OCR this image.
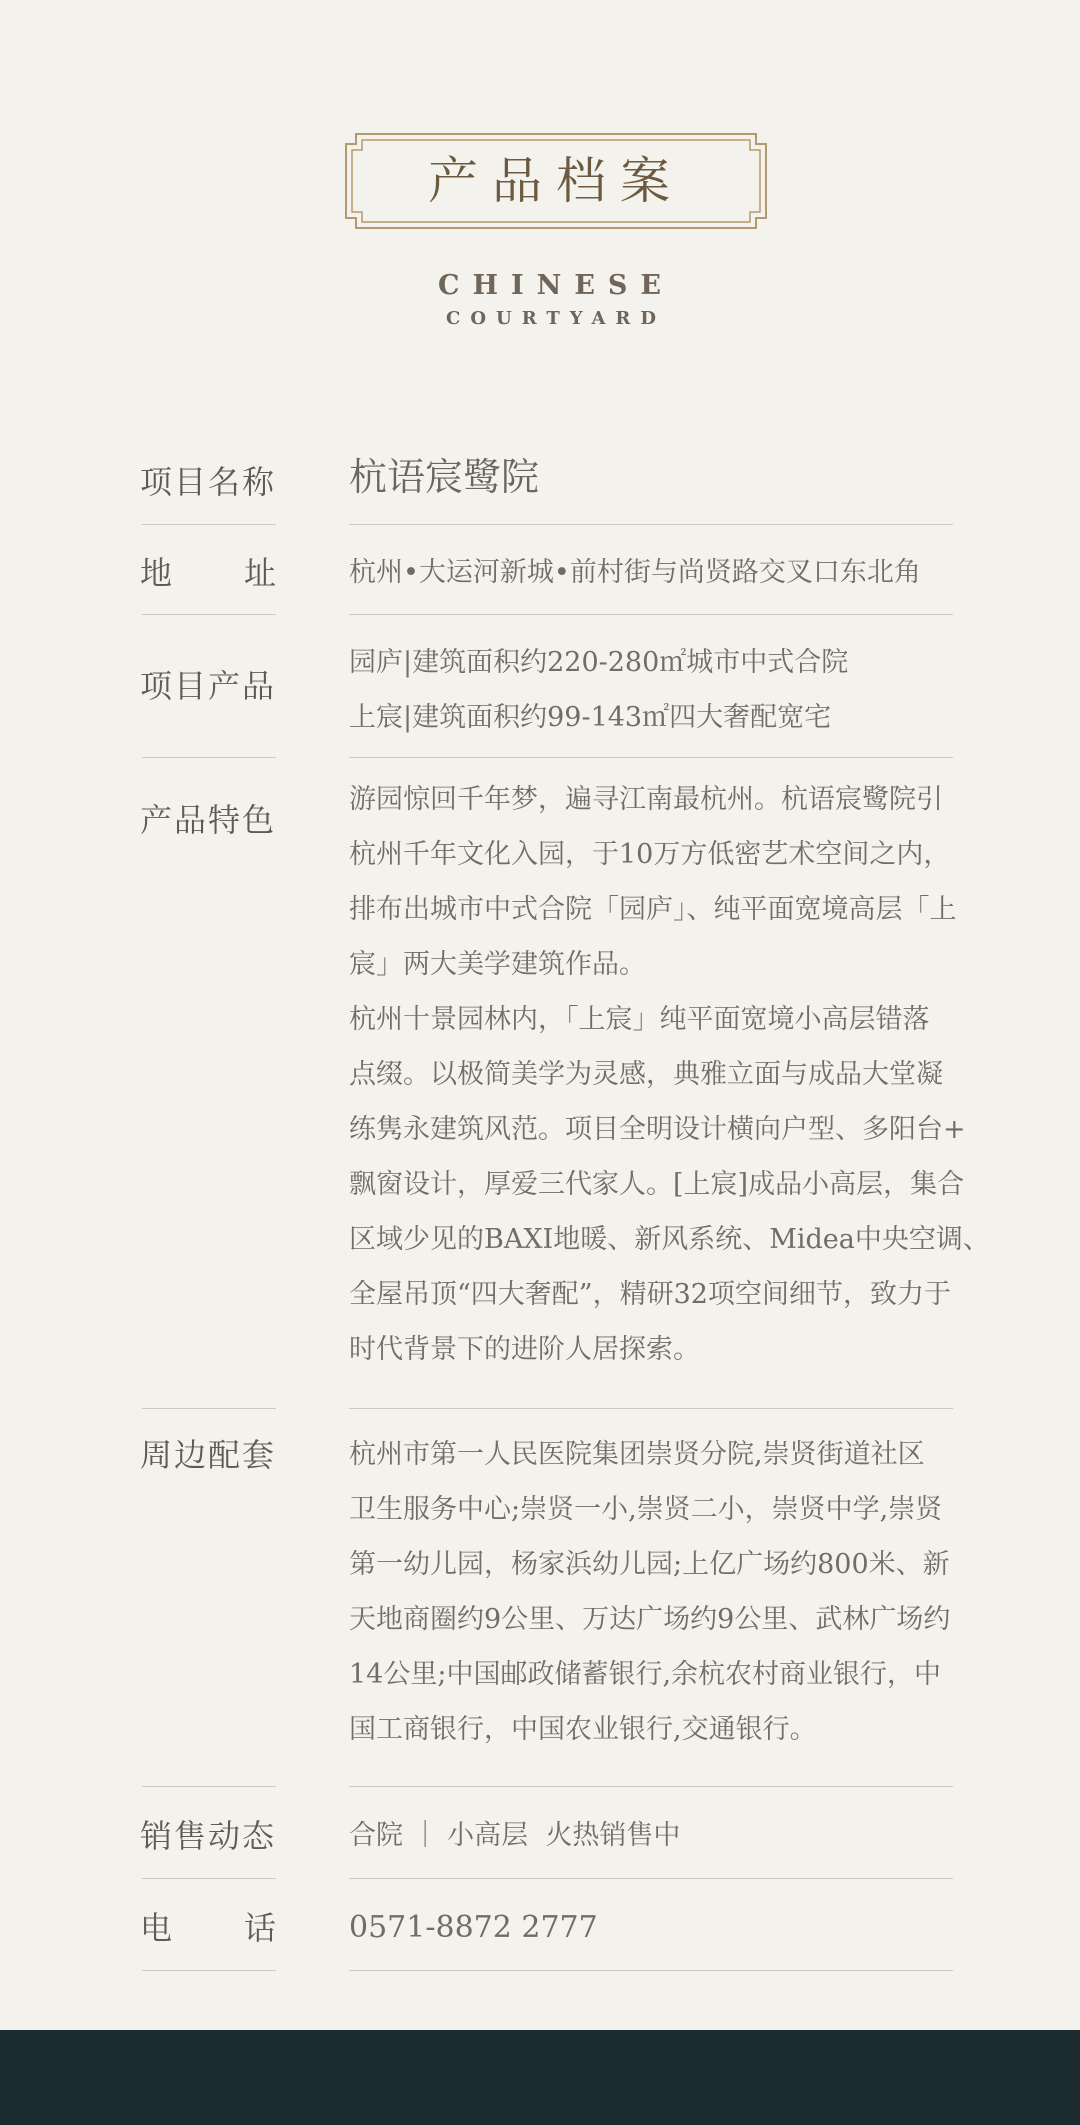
产品档案
CHINESE
COURTYARD
项目名称 杭语宸鹭院
地 址	杭州•大运河新城•前村街与尚贤路交叉口东北角
项目产品
园庐|建筑面积约220-280㎡城市中式合院
上宸|建筑面积约99-143㎡四大奢配宽宅
产品特色
游园惊回千年梦，遍寻江南最杭州。杭语宸鹭院引
杭州千年文化入园，于10万方低密艺术空间之内，
排布出城市中式合院「园庐」、纯平面宽境高层「上
宸」两大美学建筑作品。
杭州十景园林内，「上宸」纯平面宽境小高层错落
点缀。以极简美学为灵感，典雅立面与成品大堂凝
练隽永建筑风范。项目全明设计横向户型、多阳台+
飘窗设计，厚爱三代家人。[上宸]成品小高层，集合
区域少见的BAXI地暖、新风系统、Midea中央空调、
全屋吊顶“四大奢配”，精研32项空间细节，致力于
时代背景下的进阶人居探索。
周边配套	杭州市第一人民医院集团崇贤分院,崇贤街道社区
卫生服务中心;崇贤一小,崇贤二小，崇贤中学,崇贤
第一幼儿园，杨家浜幼儿园;上亿广场约800米、新
天地商圈约9公里、万达广场约9公里、武林广场约
14公里;中国邮政储蓄银行,余杭农村商业银行，中
国工商银行，中国农业银行,交通银行。
销售动态	合院 ｜ 小高层  火热销售中
电 话 0571-8872 2777
